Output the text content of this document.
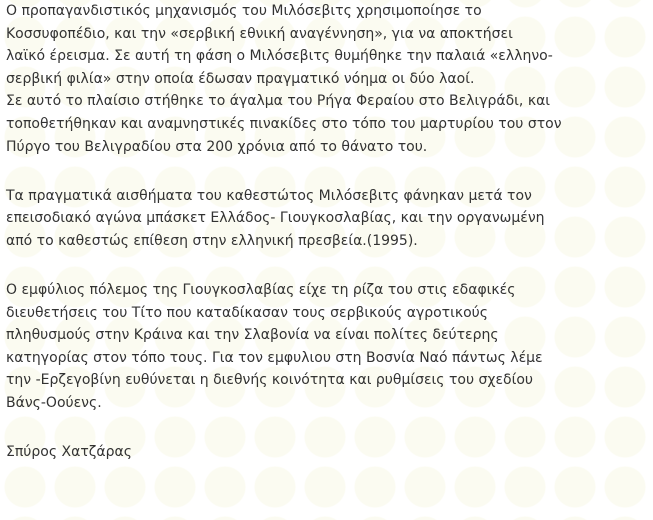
Ο προπαγανδιστικός μηχανισμός του Μιλόσεβιτς χρησιμοποίησε το
Κοσσυφοπέδιο, και την «σερβική εθνική αναγέννηση», για να αποκτήσει
λαϊκό έρεισμα. Σε αυτή τη φάση ο Μιλόσεβιτς θυμήθηκε την παλαιά «ελληνο-
σερβική φιλία» στην οποία έδωσαν πραγματικό νόημα οι δύο λαοί.
Σε αυτό το πλαίσιο στήθηκε το άγαλμα του Ρήγα Φεραίου στο Βελιγράδι, και
τοποθετήθηκαν και αναμνηστικές πινακίδες στο τόπο του μαρτυρίου του στον
Πύργο του Βελιγραδίου στα 200 χρόνια από το θάνατο του.
Τα πραγματικά αισθήματα του καθεστώτος Μιλόσεβιτς φάνηκαν μετά τον
επεισοδιακό αγώνα μπάσκετ Ελλάδος- Γιουγκοσλαβίας, και την οργανωμένη
από το καθεστώς επίθεση στην ελληνική πρεσβεία.(1995).
Ο εμφύλιος πόλεμος της Γιουγκοσλαβίας είχε τη ρίζα του στις εδαφικές
διευθετήσεις του Τίτο που καταδίκασαν τους σερβικούς αγροτικούς
πληθυσμούς στην Κράινα και την Σλαβονία να είναι πολίτες δεύτερης
κατηγορίας στον τόπο τους. Για τον εμφυλιου στη Βοσνία Ναό πάντως λέμε
την -Ερζεγοβίνη ευθύνεται η διεθνής κοινότητα και ρυθμίσεις του σχεδίου
Βάνς-Οούενς.
Σπύρος Χατζάρας
